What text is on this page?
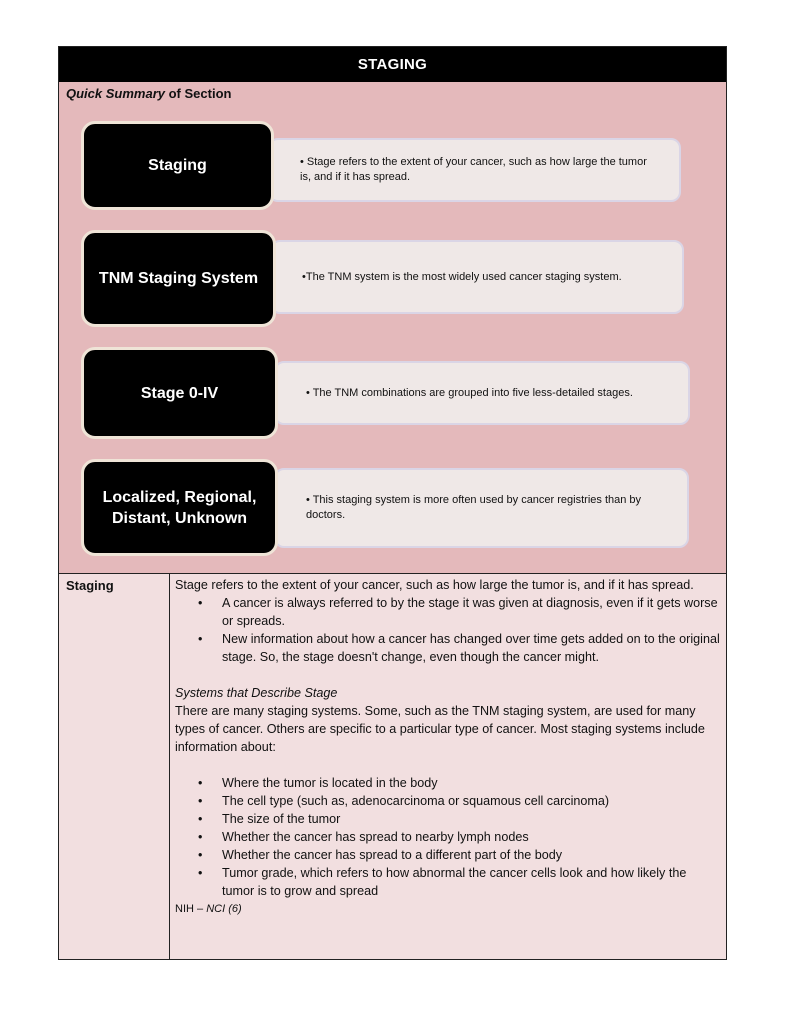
STAGING
Quick Summary of Section
• Stage refers to the extent of your cancer, such as how large the tumor is, and if it has spread.
Staging
•The TNM system is the most widely used cancer staging system.
TNM Staging System
• The TNM combinations are grouped into five less-detailed stages.
Stage 0-IV
• This staging system is more often used by cancer registries than by doctors.
Localized, Regional, Distant, Unknown
Staging	Stage refers to the extent of your cancer, such as how large the tumor is, and if it has spread.

• A cancer is always referred to by the stage it was given at diagnosis, even if it gets worse or spreads.
• New information about how a cancer has changed over time gets added on to the original stage. So, the stage doesn't change, even though the cancer might.

Systems that Describe Stage

There are many staging systems. Some, such as the TNM staging system, are used for many types of cancer. Others are specific to a particular type of cancer. Most staging systems include information about:

• Where the tumor is located in the body
• The cell type (such as, adenocarcinoma or squamous cell carcinoma)
• The size of the tumor
• Whether the cancer has spread to nearby lymph nodes
• Whether the cancer has spread to a different part of the body
• Tumor grade, which refers to how abnormal the cancer cells look and how likely the tumor is to grow and spread

NIH – NCI (6)
